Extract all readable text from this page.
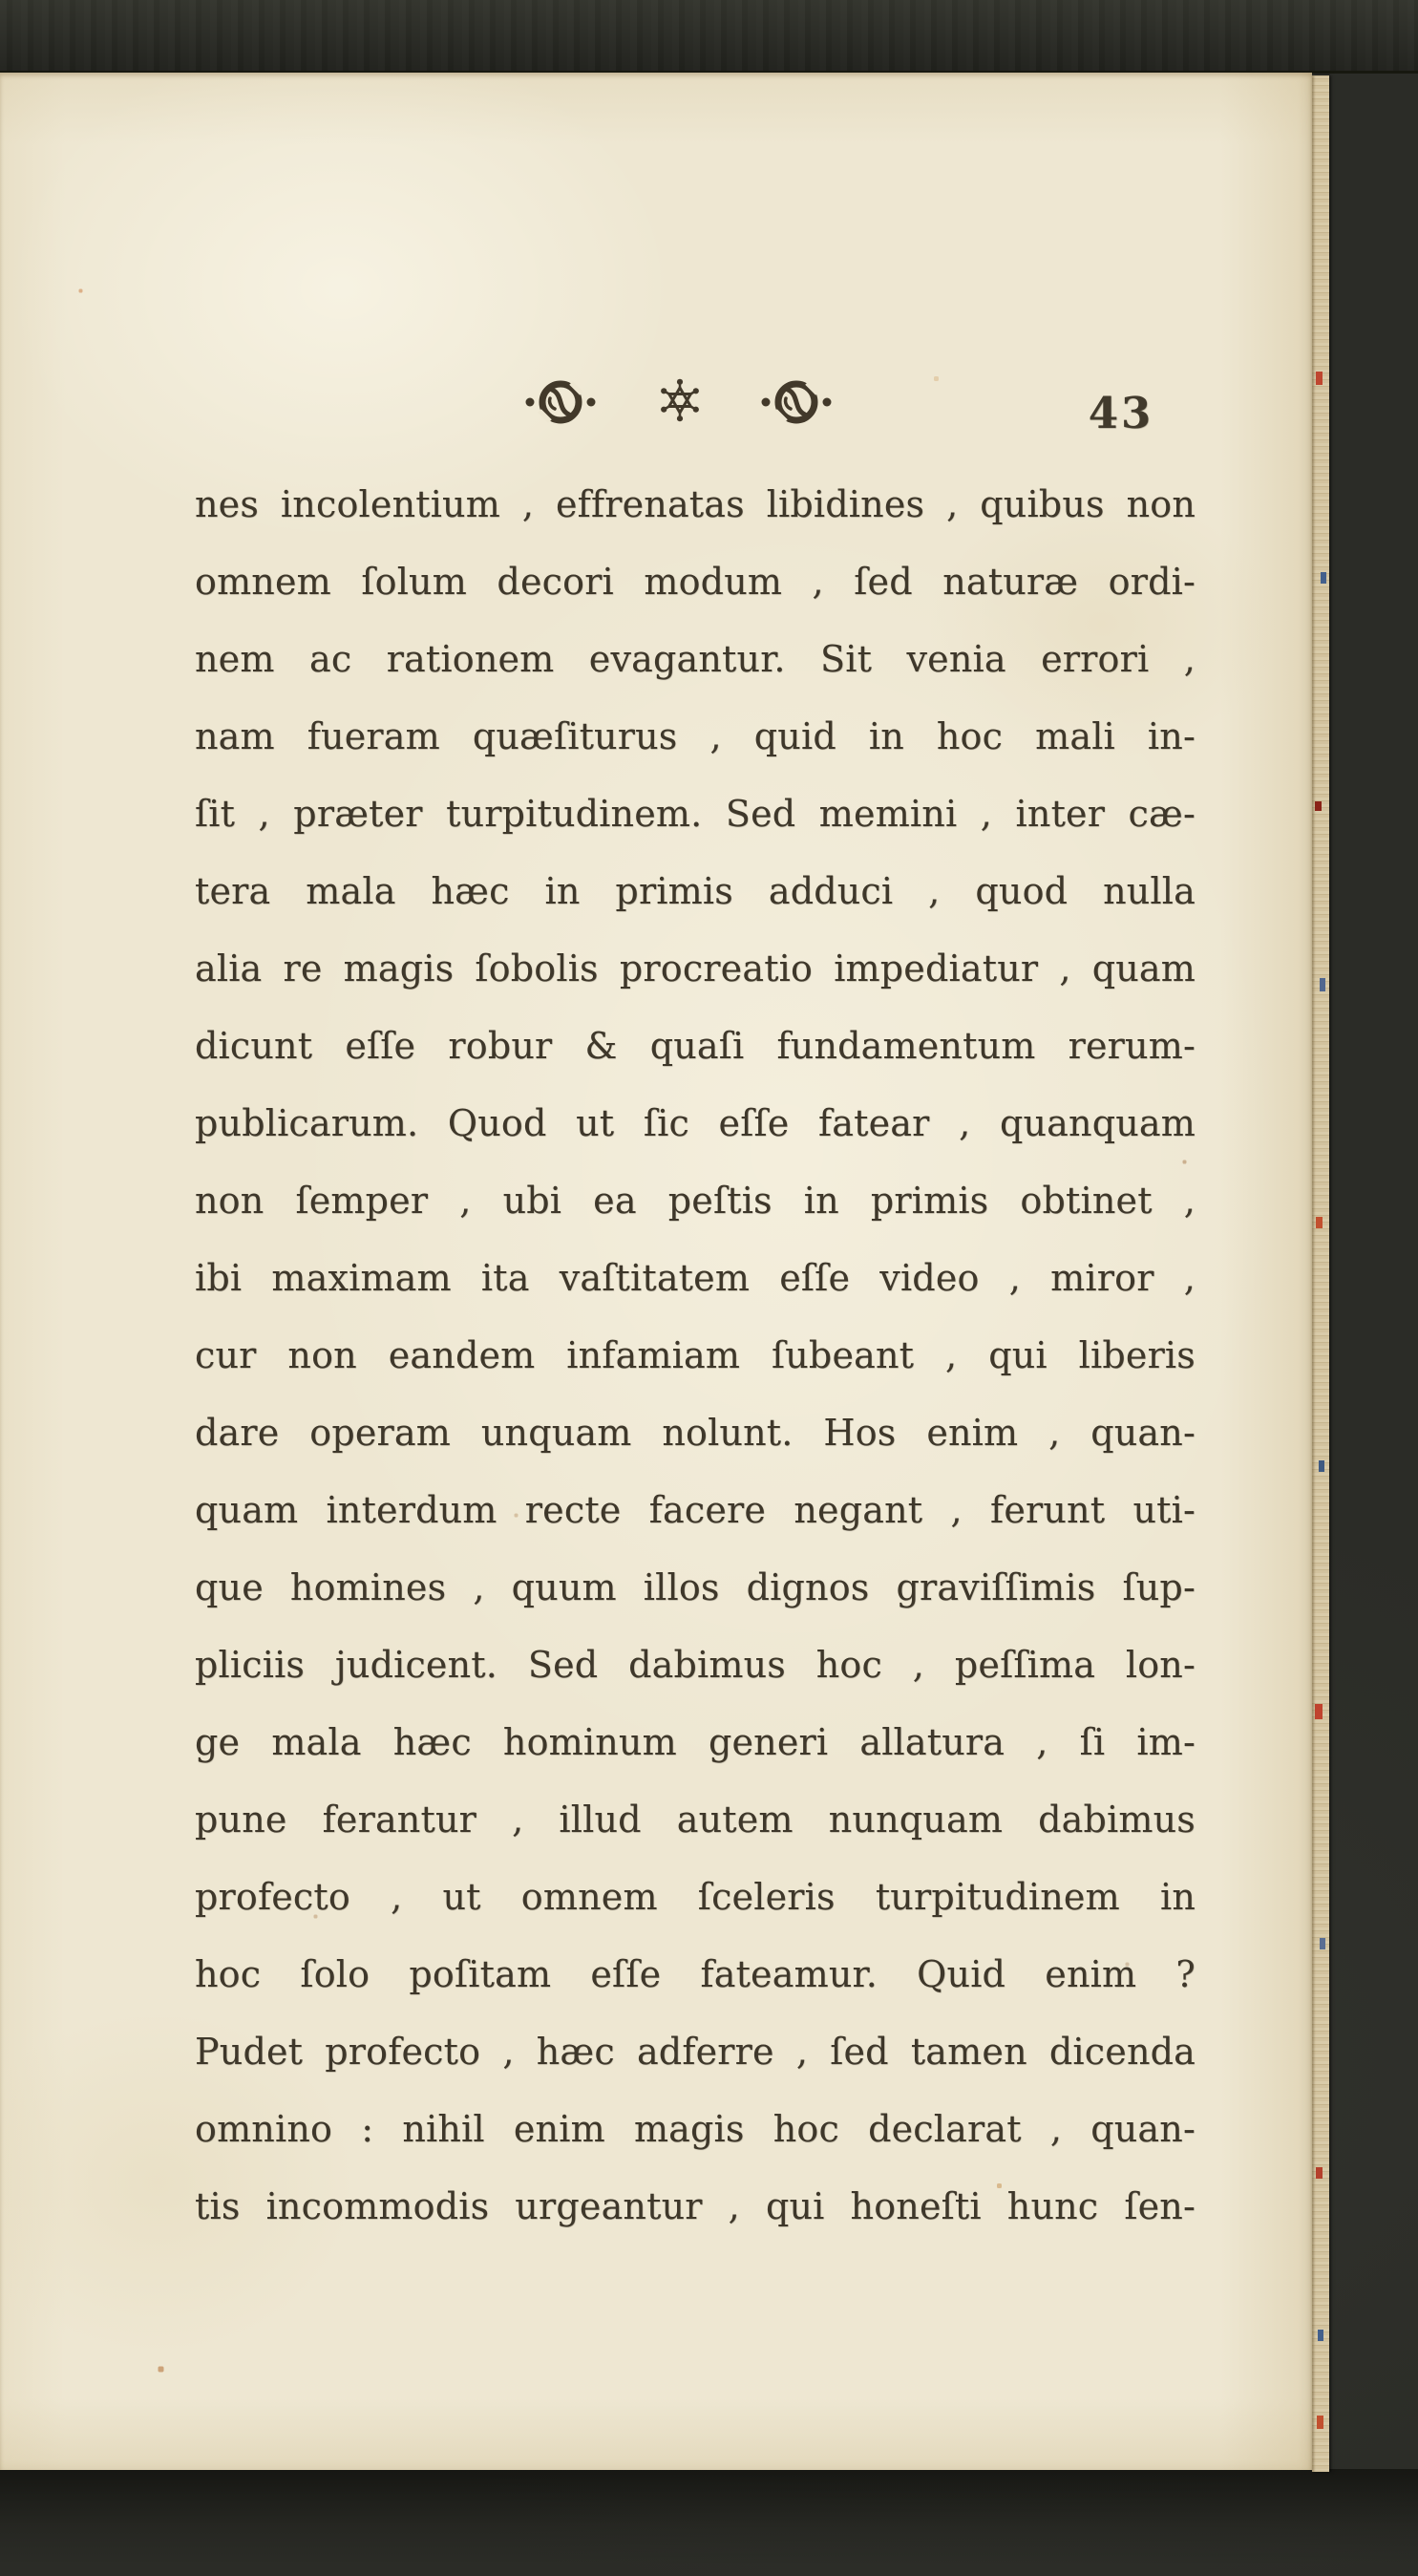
43
nes incolentium , effrenatas libidines , quibus non
omnem ſolum decori modum , ſed naturæ ordi-
nem ac rationem evagantur. Sit venia errori ,
nam fueram quæſiturus , quid in hoc mali in-
ſit , præter turpitudinem. Sed memini , inter cæ-
tera mala hæc in primis adduci , quod nulla
alia re magis ſobolis procreatio impediatur , quam
dicunt eſſe robur & quaſi fundamentum rerum-
publicarum. Quod ut ſic eſſe fatear , quanquam
non ſemper , ubi ea peſtis in primis obtinet ,
ibi maximam ita vaſtitatem eſſe video , miror ,
cur non eandem infamiam ſubeant , qui liberis
dare operam unquam nolunt. Hos enim , quan-
quam interdum recte facere negant , ferunt uti-
que homines , quum illos dignos graviſſimis ſup-
pliciis judicent. Sed dabimus hoc , peſſima lon-
ge mala hæc hominum generi allatura , ſi im-
pune ferantur , illud autem nunquam dabimus
profecto , ut omnem ſceleris turpitudinem in
hoc ſolo poſitam eſſe fateamur. Quid enim ?
Pudet profecto , hæc adferre , ſed tamen dicenda
omnino : nihil enim magis hoc declarat , quan-
tis incommodis urgeantur , qui honeſti hunc ſen-
